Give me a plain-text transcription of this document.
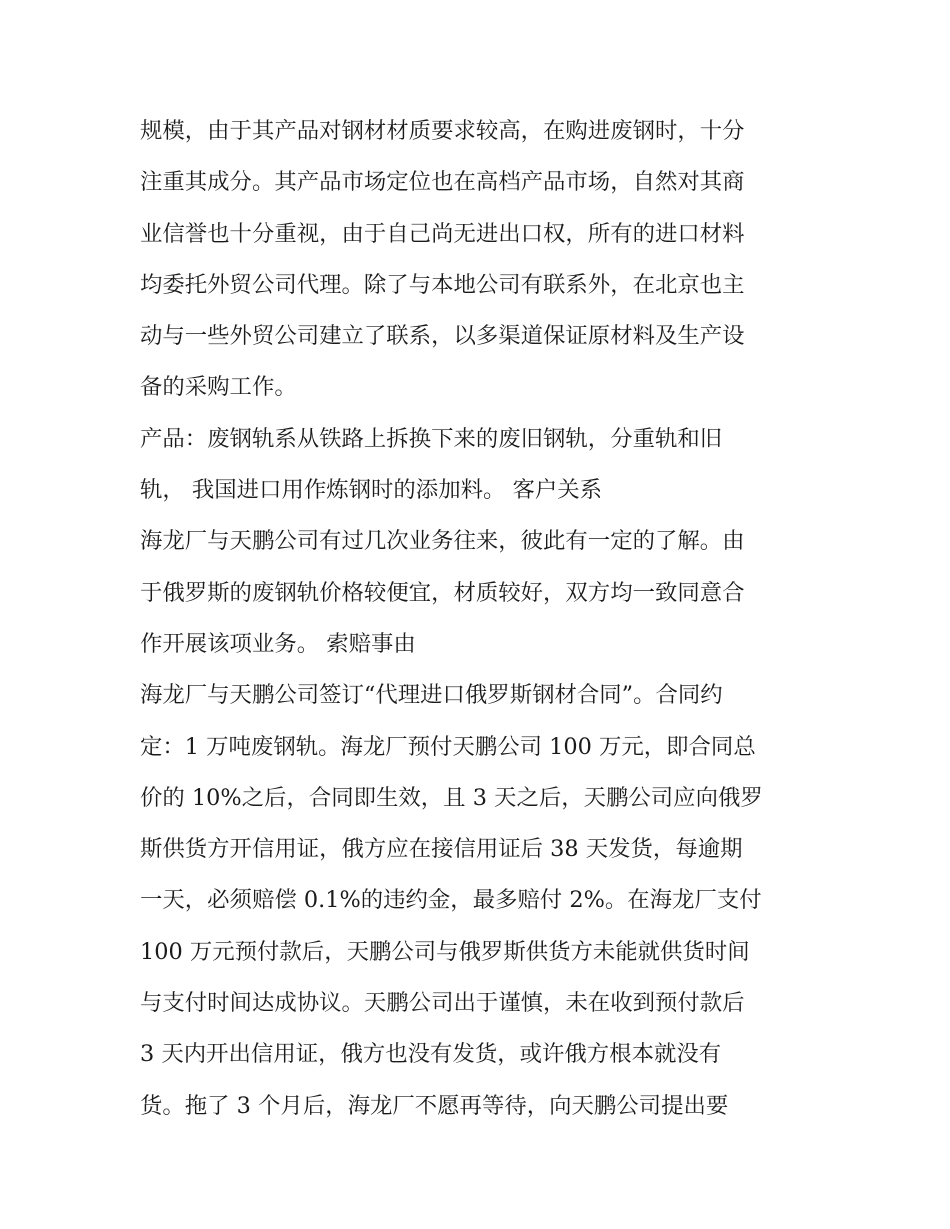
规模，由于其产品对钢材材质要求较高，在购进废钢时，十分
注重其成分。其产品市场定位也在高档产品市场，自然对其商
业信誉也十分重视，由于自己尚无进出口权，所有的进口材料
均委托外贸公司代理。除了与本地公司有联系外，在北京也主
动与一些外贸公司建立了联系，以多渠道保证原材料及生产设
备的采购工作。
产品：废钢轨系从铁路上拆换下来的废旧钢轨，分重轨和旧
轨， 我国进口用作炼钢时的添加料。 客户关系
海龙厂与天鹏公司有过几次业务往来，彼此有一定的了解。由
于俄罗斯的废钢轨价格较便宜，材质较好，双方均一致同意合
作开展该项业务。 索赔事由
海龙厂与天鹏公司签订“代理进口俄罗斯钢材合同”。合同约
定：1 万吨废钢轨。海龙厂预付天鹏公司 100 万元，即合同总
价的 10%之后，合同即生效，且 3 天之后，天鹏公司应向俄罗
斯供货方开信用证，俄方应在接信用证后 38 天发货，每逾期
一天，必须赔偿 0.1%的违约金，最多赔付 2%。在海龙厂支付
100 万元预付款后，天鹏公司与俄罗斯供货方未能就供货时间
与支付时间达成协议。天鹏公司出于谨慎，未在收到预付款后
3 天内开出信用证，俄方也没有发货，或许俄方根本就没有
货。拖了 3 个月后，海龙厂不愿再等待，向天鹏公司提出要
